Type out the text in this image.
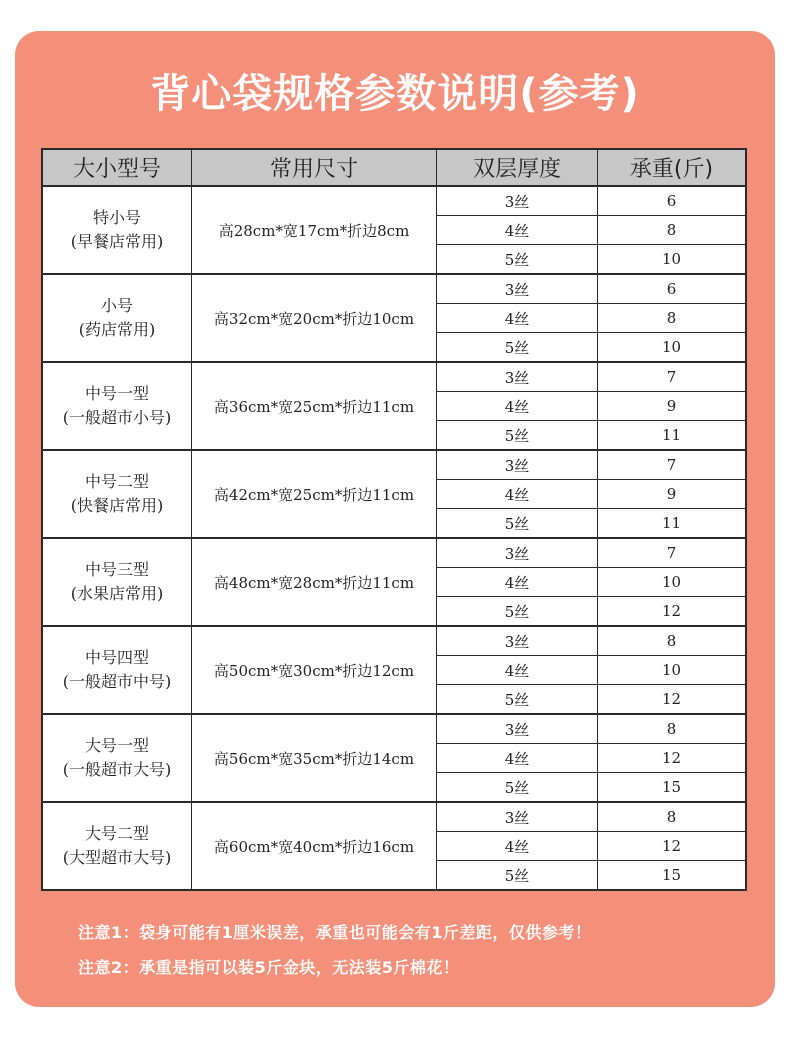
背心袋规格参数说明(参考)
大小型号	常用尺寸	双层厚度	承重(斤)

特小号
(早餐店常用)	高28cm*宽17cm*折边8cm	3丝	6
		4丝	8
		5丝	10

小号
(药店常用)	高32cm*宽20cm*折边10cm	3丝	6
		4丝	8
		5丝	10

中号一型
(一般超市小号)	高36cm*宽25cm*折边11cm	3丝	7
		4丝	9
		5丝	11

中号二型
(快餐店常用)	高42cm*宽25cm*折边11cm	3丝	7
		4丝	9
		5丝	11

中号三型
(水果店常用)	高48cm*宽28cm*折边11cm	3丝	7
		4丝	10
		5丝	12

中号四型
(一般超市中号)	高50cm*宽30cm*折边12cm	3丝	8
		4丝	10
		5丝	12

大号一型
(一般超市大号)	高56cm*宽35cm*折边14cm	3丝	8
		4丝	12
		5丝	15

大号二型
(大型超市大号)	高60cm*宽40cm*折边16cm	3丝	8
		4丝	12
		5丝	15
注意1：袋身可能有1厘米误差，承重也可能会有1斤差距，仅供参考！
注意2：承重是指可以装5斤金块，无法装5斤棉花！
